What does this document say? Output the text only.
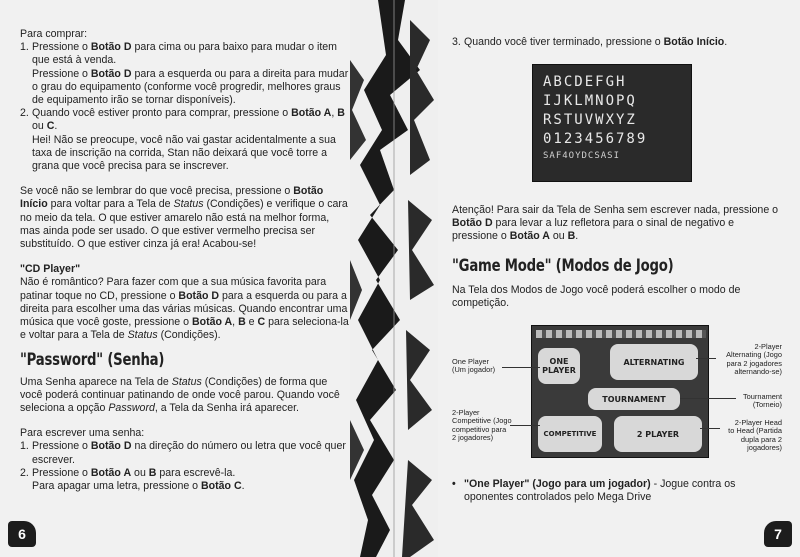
Para comprar:

1. Pressione o Botão D para cima ou para baixo para mudar o item que está à venda.

Pressione o Botão D para a esquerda ou para a direita para mudar o grau do equipamento (conforme você progredir, melhores graus de equipamento irão se tornar disponíveis).

2. Quando você estiver pronto para comprar, pressione o Botão A, B ou C.

Hei! Não se preocupe, você não vai gastar acidentalmente a sua taxa de inscrição na corrida, Stan não deixará que você torre a grana que você precisa para se inscrever.

Se você não se lembrar do que você precisa, pressione o Botão Início para voltar para a Tela de Status (Condições) e verifique o cara no meio da tela. O que estiver amarelo não está na melhor forma, mas ainda pode ser usado. O que estiver vermelho precisa ser substituído. O que estiver cinza já era! Acabou-se!

"CD Player"

Não é romântico? Para fazer com que a sua música favorita para patinar toque no CD, pressione o Botão D para a esquerda ou para a direita para escolher uma das várias músicas. Quando encontrar uma música que você goste, pressione o Botão A, B e C para seleciona-la e voltar para a Tela de Status (Condições).

"Password" (Senha)

Uma Senha aparece na Tela de Status (Condições) de forma que você poderá continuar patinando de onde você parou. Quando você seleciona a opção Password, a Tela da Senha irá aparecer.

Para escrever uma senha:

1. Pressione o Botão D na direção do número ou letra que você quer escrever.

2. Pressione o Botão A ou B para escrevê-la.

Para apagar uma letra, pressione o Botão C.

6	7
3. Quando você tiver terminado, pressione o Botão Início.

ABCDEFGH
IJKLMNOPQ
RSTUVWXYZ
0123456789
SAF4OYDCSASI

Atenção! Para sair da Tela de Senha sem escrever nada, pressione o Botão D para levar a luz refletora para o sinal de negativo e pressione o Botão A ou B.

"Game Mode" (Modos de Jogo)

Na Tela dos Modos de Jogo você poderá escolher o modo de competição.
ONE PLAYER
ALTERNATING
TOURNAMENT
COMPETITIVE	2 PLAYER
One Player
(Um jogador)
2-Player
Alternating (Jogo
para 2 jogadores
alternando-se)
Tournament
(Torneio)
2-Player
Competitive (Jogo
competitivo para
2 jogadores)
2-Player Head
to Head (Partida
dupla para 2
jogadores)
• "One Player" (Jogo para um jogador) - Jogue contra os oponentes controlados pelo Mega Drive
